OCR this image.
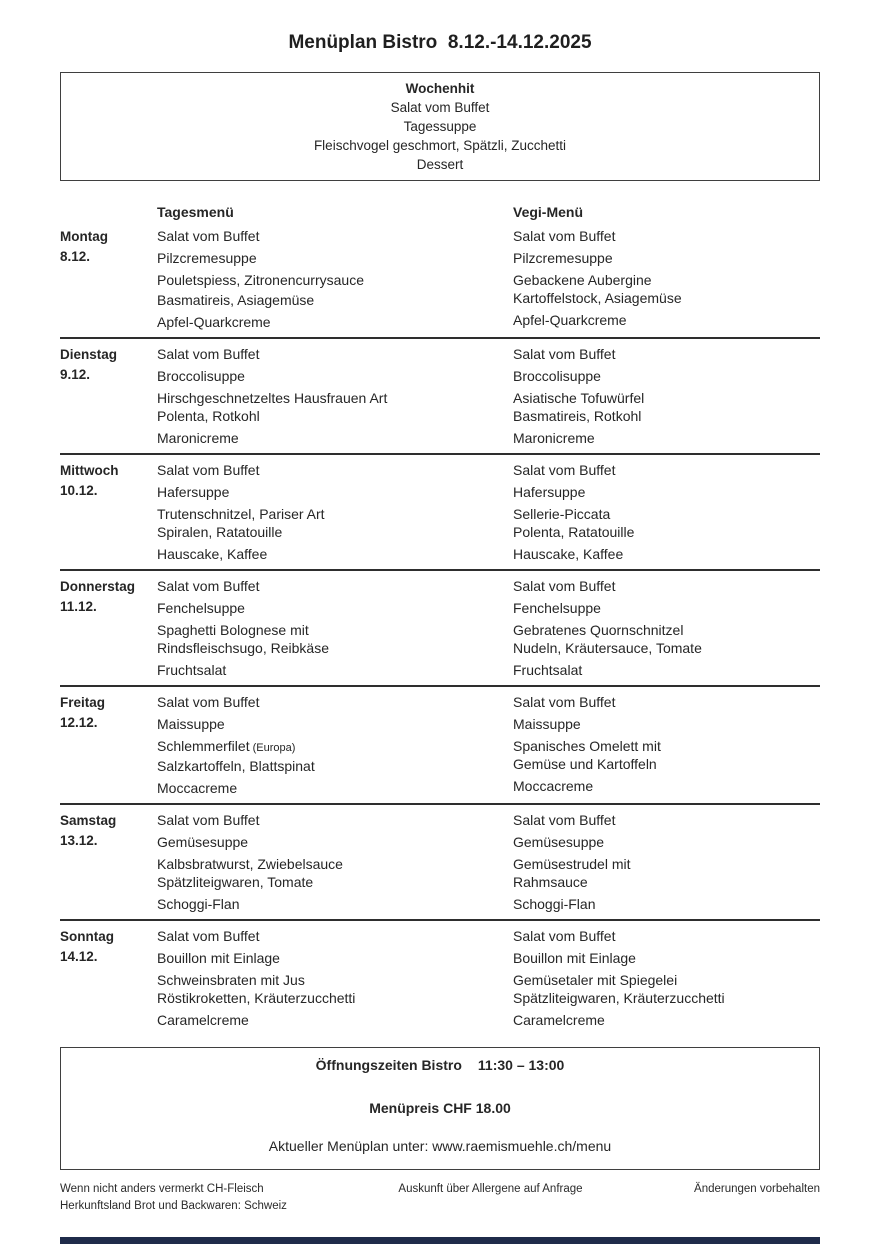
Menüplan Bistro  8.12.-14.12.2025
Wochenhit
Salat vom Buffet
Tagessuppe
Fleischvogel geschmort, Spätzli, Zucchetti
Dessert
Tagesmenü	Vegi-Menü
Montag
8.12.
Salat vom Buffet
Pilzcremesuppe
Pouletspiess, Zitronencurrysauce
Basmatireis, Asiagemüse
Apfel-Quarkcreme
Salat vom Buffet
Pilzcremesuppe
Gebackene Aubergine
Kartoffelstock, Asiagemüse
Apfel-Quarkcreme
Dienstag
9.12.
Salat vom Buffet
Broccolisuppe
Hirschgeschnetzeltes Hausfrauen Art
Polenta, Rotkohl
Maronicreme
Salat vom Buffet
Broccolisuppe
Asiatische Tofuwürfel
Basmatireis, Rotkohl
Maronicreme
Mittwoch
10.12.
Salat vom Buffet
Hafersuppe
Trutenschnitzel, Pariser Art
Spiralen, Ratatouille
Hauscake, Kaffee
Salat vom Buffet
Hafersuppe
Sellerie-Piccata
Polenta, Ratatouille
Hauscake, Kaffee
Donnerstag
11.12.
Salat vom Buffet
Fenchelsuppe
Spaghetti Bolognese mit
Rindsfleischsugo, Reibkäse
Fruchtsalat
Salat vom Buffet
Fenchelsuppe
Gebratenes Quornschnitzel
Nudeln, Kräutersauce, Tomate
Fruchtsalat
Freitag
12.12.
Salat vom Buffet
Maissuppe
Schlemmerfilet (Europa)
Salzkartoffeln, Blattspinat
Moccacreme
Salat vom Buffet
Maissuppe
Spanisches Omelett mit
Gemüse und Kartoffeln
Moccacreme
Samstag
13.12.
Salat vom Buffet
Gemüsesuppe
Kalbsbratwurst, Zwiebelsauce
Spätzliteigwaren, Tomate
Schoggi-Flan
Salat vom Buffet
Gemüsesuppe
Gemüsestrudel mit
Rahmsauce
Schoggi-Flan
Sonntag
14.12.
Salat vom Buffet
Bouillon mit Einlage
Schweinsbraten mit Jus
Röstikroketten, Kräuterzucchetti
Caramelcreme
Salat vom Buffet
Bouillon mit Einlage
Gemüsetaler mit Spiegelei
Spätzliteigwaren, Kräuterzucchetti
Caramelcreme
Öffnungszeiten Bistro 11:30 – 13:00
Menüpreis CHF 18.00
Aktueller Menüplan unter: www.raemismuehle.ch/menu
Wenn nicht anders vermerkt CH-Fleisch
Herkunftsland Brot und Backwaren: Schweiz
Auskunft über Allergene auf Anfrage	Änderungen vorbehalten
